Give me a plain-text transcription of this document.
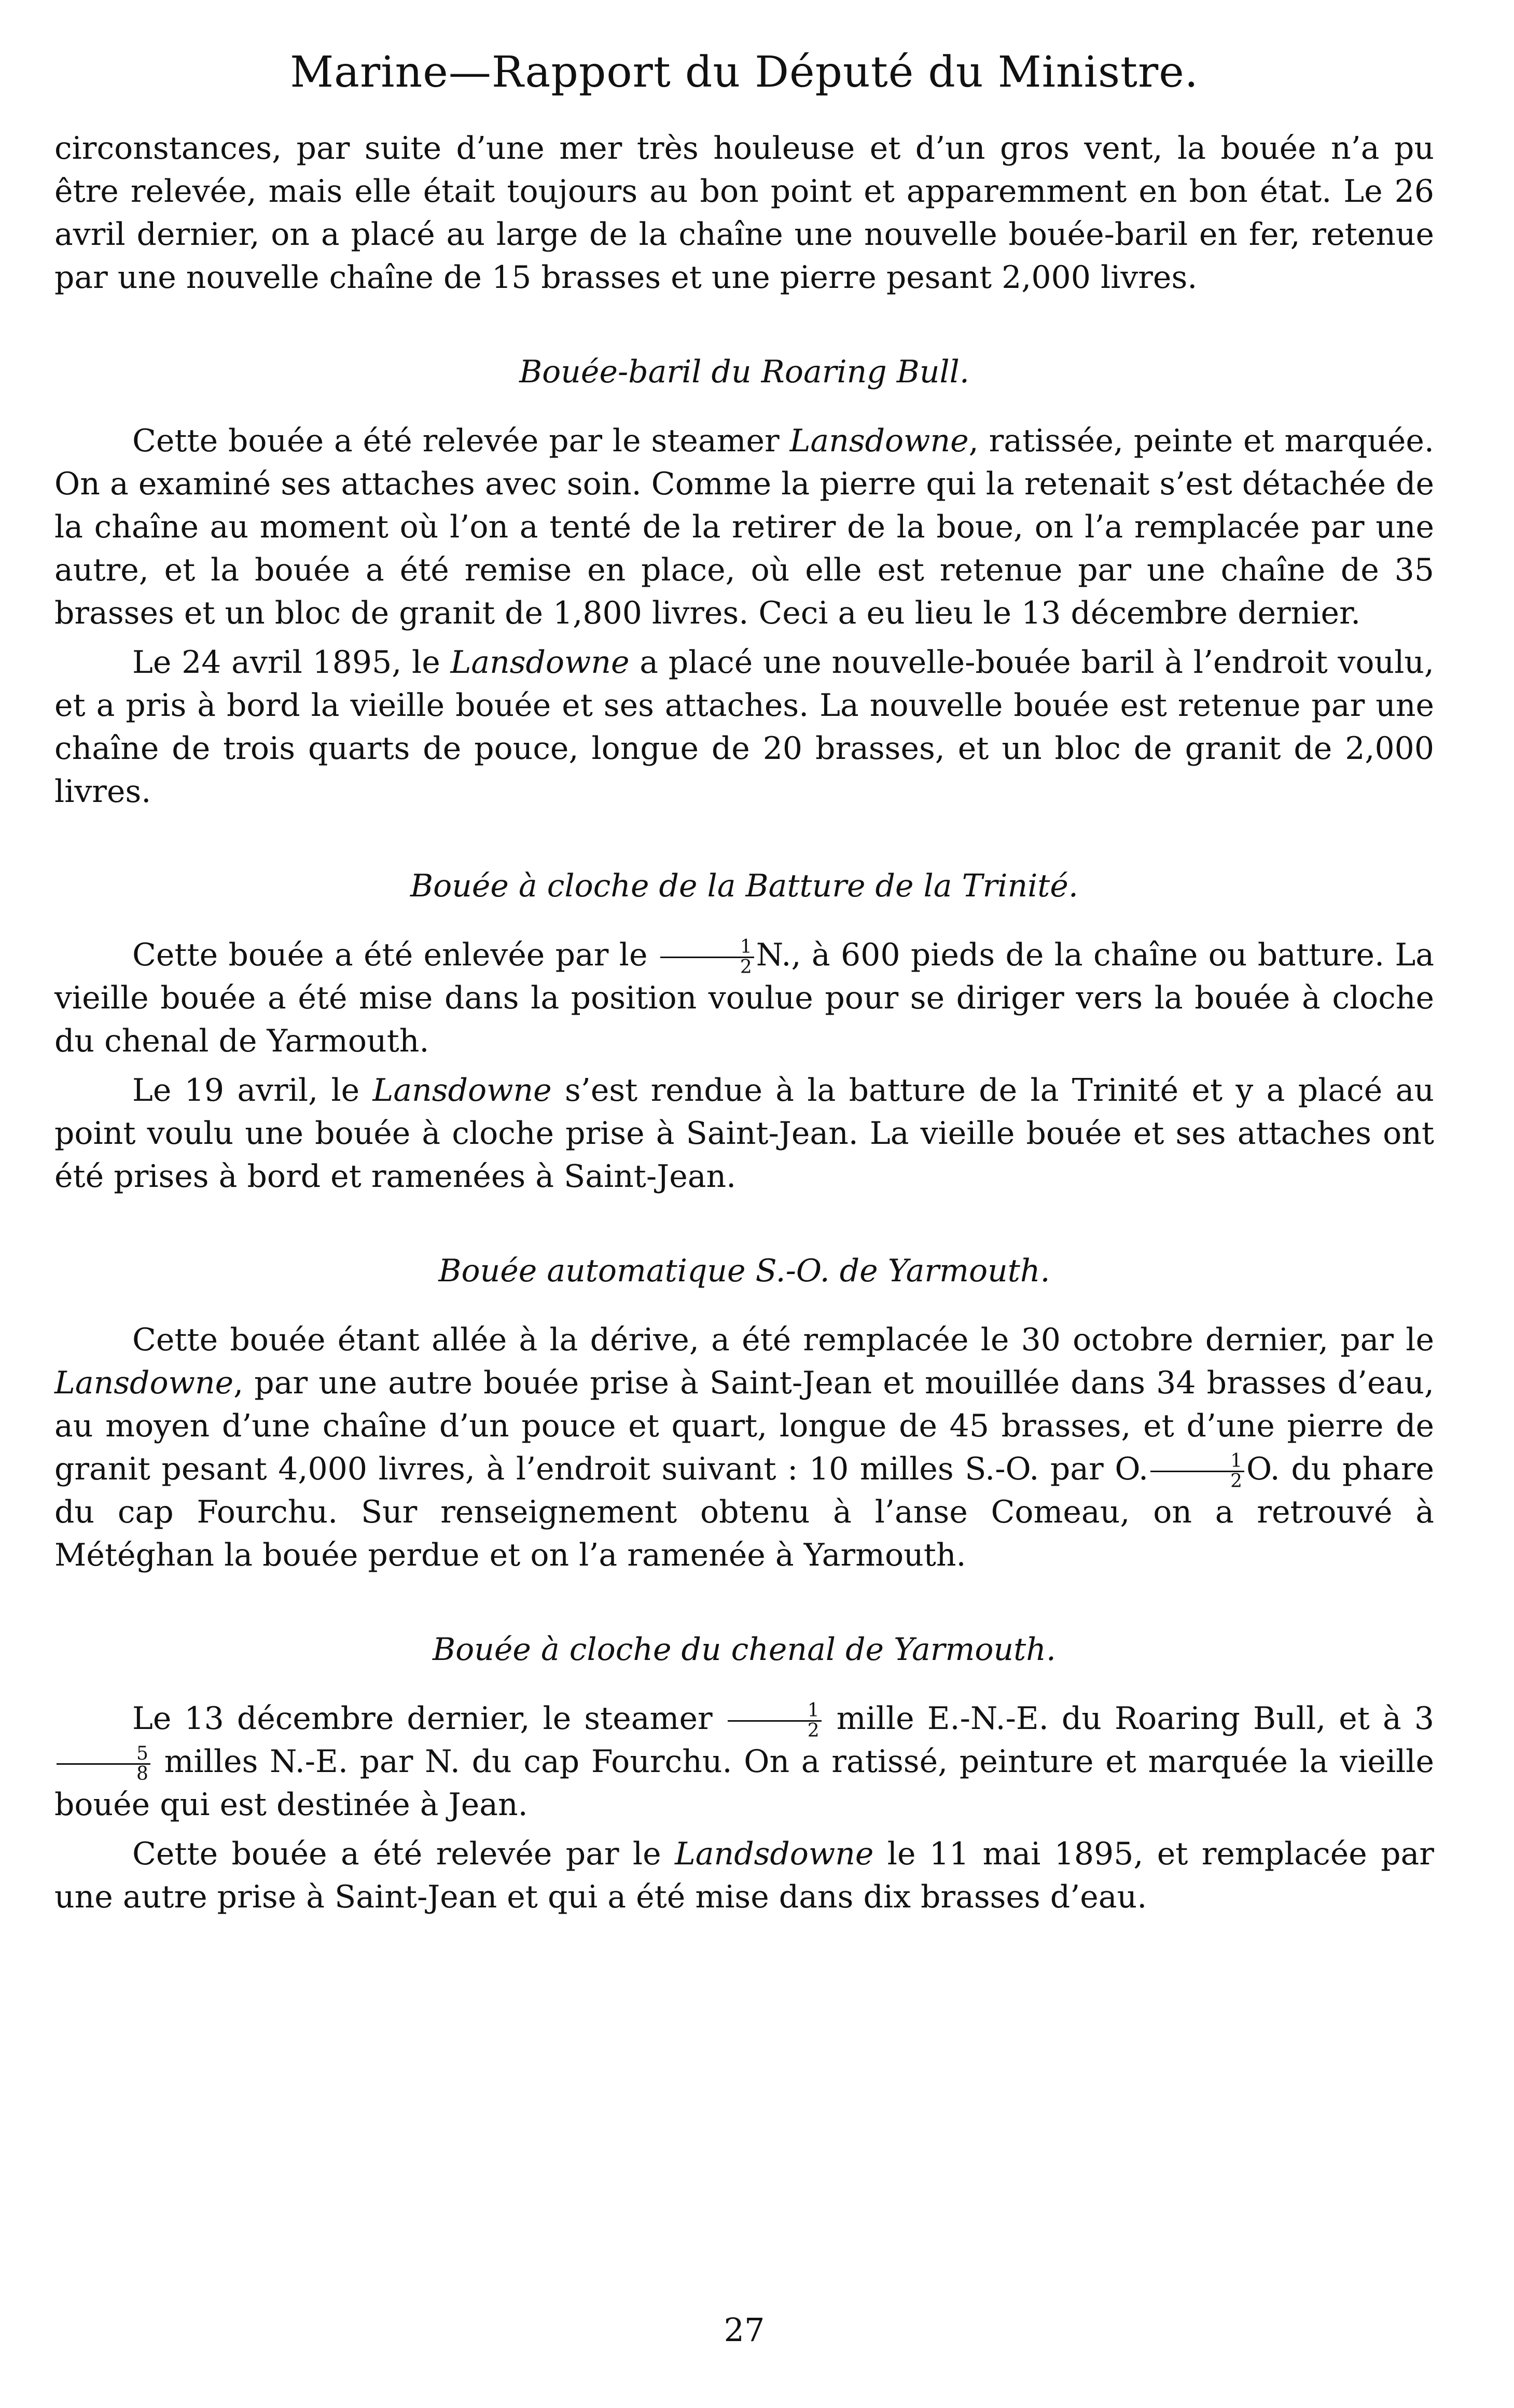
Marine—Rapport du Député du Ministre.

circonstances, par suite d’une mer très houleuse et d’un gros vent, la bouée n’a pu être relevée, mais elle était toujours au bon point et apparemment en bon état. Le 26 avril dernier, on a placé au large de la chaîne une nouvelle bouée-baril en fer, retenue par une nouvelle chaîne de 15 brasses et une pierre pesant 2,000 livres.

Bouée-baril du Roaring Bull.

Cette bouée a été relevée par le steamer Lansdowne, ratissée, peinte et marquée. On a examiné ses attaches avec soin. Comme la pierre qui la retenait s’est détachée de la chaîne au moment où l’on a tenté de la retirer de la boue, on l’a remplacée par une autre, et la bouée a été remise en place, où elle est retenue par une chaîne de 35 brasses et un bloc de granit de 1,800 livres. Ceci a eu lieu le 13 décembre dernier.

Le 24 avril 1895, le Lansdowne a placé une nouvelle-bouée baril à l’endroit voulu, et a pris à bord la vieille bouée et ses attaches. La nouvelle bouée est retenue par une chaîne de trois quarts de pouce, longue de 20 brasses, et un bloc de granit de 2,000 livres.

Bouée à cloche de la Batture de la Trinité.

Cette bouée a été enlevée par le $\frac{1}{2} N$., à 600 pieds de la chaîne ou batture. La vieille bouée a été mise dans la position voulue pour se diriger vers la bouée à cloche du chenal de Yarmouth.

Le 19 avril, le Lansdowne s’est rendue à la batture de la Trinité et y a placé au point voulu une bouée à cloche prise à Saint-Jean. La vieille bouée et ses attaches ont été prises à bord et ramenées à Saint-Jean.

Bouée automatique S.-O. de Yarmouth.

Cette bouée étant allée à la dérive, a été remplacée le 30 octobre dernier, par le Lansdowne, par une autre bouée prise à Saint-Jean et mouillée dans 34 brasses d’eau, au moyen d’une chaîne d’un pouce et quart, longue de 45 brasses, et d’une pierre de granit pesant 4,000 livres, à l’endroit suivant : 10 milles S.-O. par O. $\frac{1}{2} O$. du phare du cap Fourchu. Sur renseignement obtenu à l’anse Comeau, on a retrouvé à Météghan la bouée perdue et on l’a ramenée à Yarmouth.

Bouée à cloche du chenal de Yarmouth.

Le 13 décembre dernier, le steamer $\frac{1}{2}$ mille E.-N.-E. du Roaring Bull, et à 3
$\frac{5}{8}$ milles N.-E. par N. du cap Fourchu. On a ratissé, peinture et marquée la vieille bouée qui est destinée à Jean.

Cette bouée a été relevée par le Landsdowne le 11 mai 1895, et remplacée par une autre prise à Saint-Jean et qui a été mise dans dix brasses d’eau.

27
